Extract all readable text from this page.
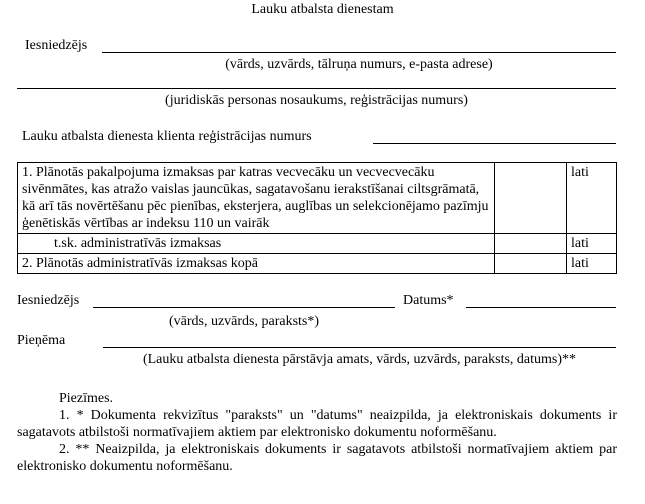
Lauku atbalsta dienestam
Iesniedzējs
(vārds, uzvārds, tālruņa numurs, e-pasta adrese)
(juridiskās personas nosaukums, reģistrācijas numurs)
Lauku atbalsta dienesta klienta reģistrācijas numurs
1. Plānotās pakalpojuma izmaksas par katras vecvecāku un vecvecvecāku sivēnmātes, kas atražo vaislas jauncūkas, sagatavošanu ierakstīšanai ciltsgrāmatā, kā arī tās novērtēšanu pēc pienības, eksterjera, auglības un selekcionējamo pazīmju ģenētiskās vērtības ar indeksu 110 un vairāk		lati
t.sk. administratīvās izmaksas		lati
2. Plānotās administratīvās izmaksas kopā		lati
Iesniedzējs	Datums*
(vārds, uzvārds, paraksts*)
Pieņēma
(Lauku atbalsta dienesta pārstāvja amats, vārds, uzvārds, paraksts, datums)**

Piezīmes.

1. * Dokumenta rekvizītus "paraksts" un "datums" neaizpilda, ja elektroniskais dokuments ir sagatavots atbilstoši normatīvajiem aktiem par elektronisko dokumentu noformēšanu.

2. ** Neaizpilda, ja elektroniskais dokuments ir sagatavots atbilstoši normatīvajiem aktiem par elektronisko dokumentu noformēšanu.
